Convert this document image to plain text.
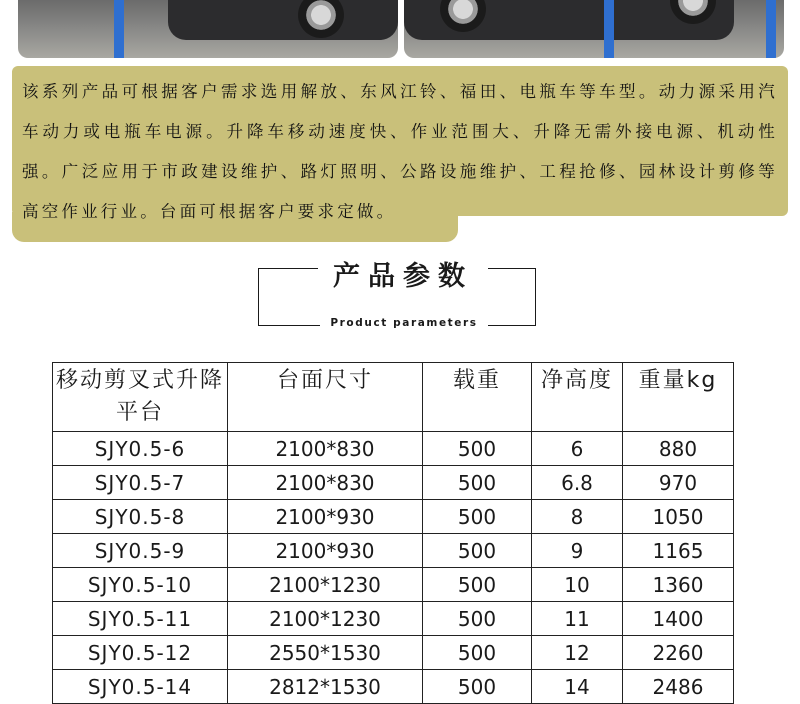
该系列产品可根据客户需求选用解放、东风江铃、福田、电瓶车等车型。动力源采用汽车动力或电瓶车电源。升降车移动速度快、作业范围大、升降无需外接电源、机动性强。广泛应用于市政建设维护、路灯照明、公路设施维护、工程抢修、园林设计剪修等高空作业行业。台面可根据客户要求定做。
产品参数
Product parameters
移动剪叉式升降平台	台面尺寸	载重	净高度	重量kg
SJY0.5-6	2100*830	500	6	880
SJY0.5-7	2100*830	500	6.8	970
SJY0.5-8	2100*930	500	8	1050
SJY0.5-9	2100*930	500	9	1165
SJY0.5-10	2100*1230	500	10	1360
SJY0.5-11	2100*1230	500	11	1400
SJY0.5-12	2550*1530	500	12	2260
SJY0.5-14	2812*1530	500	14	2486
